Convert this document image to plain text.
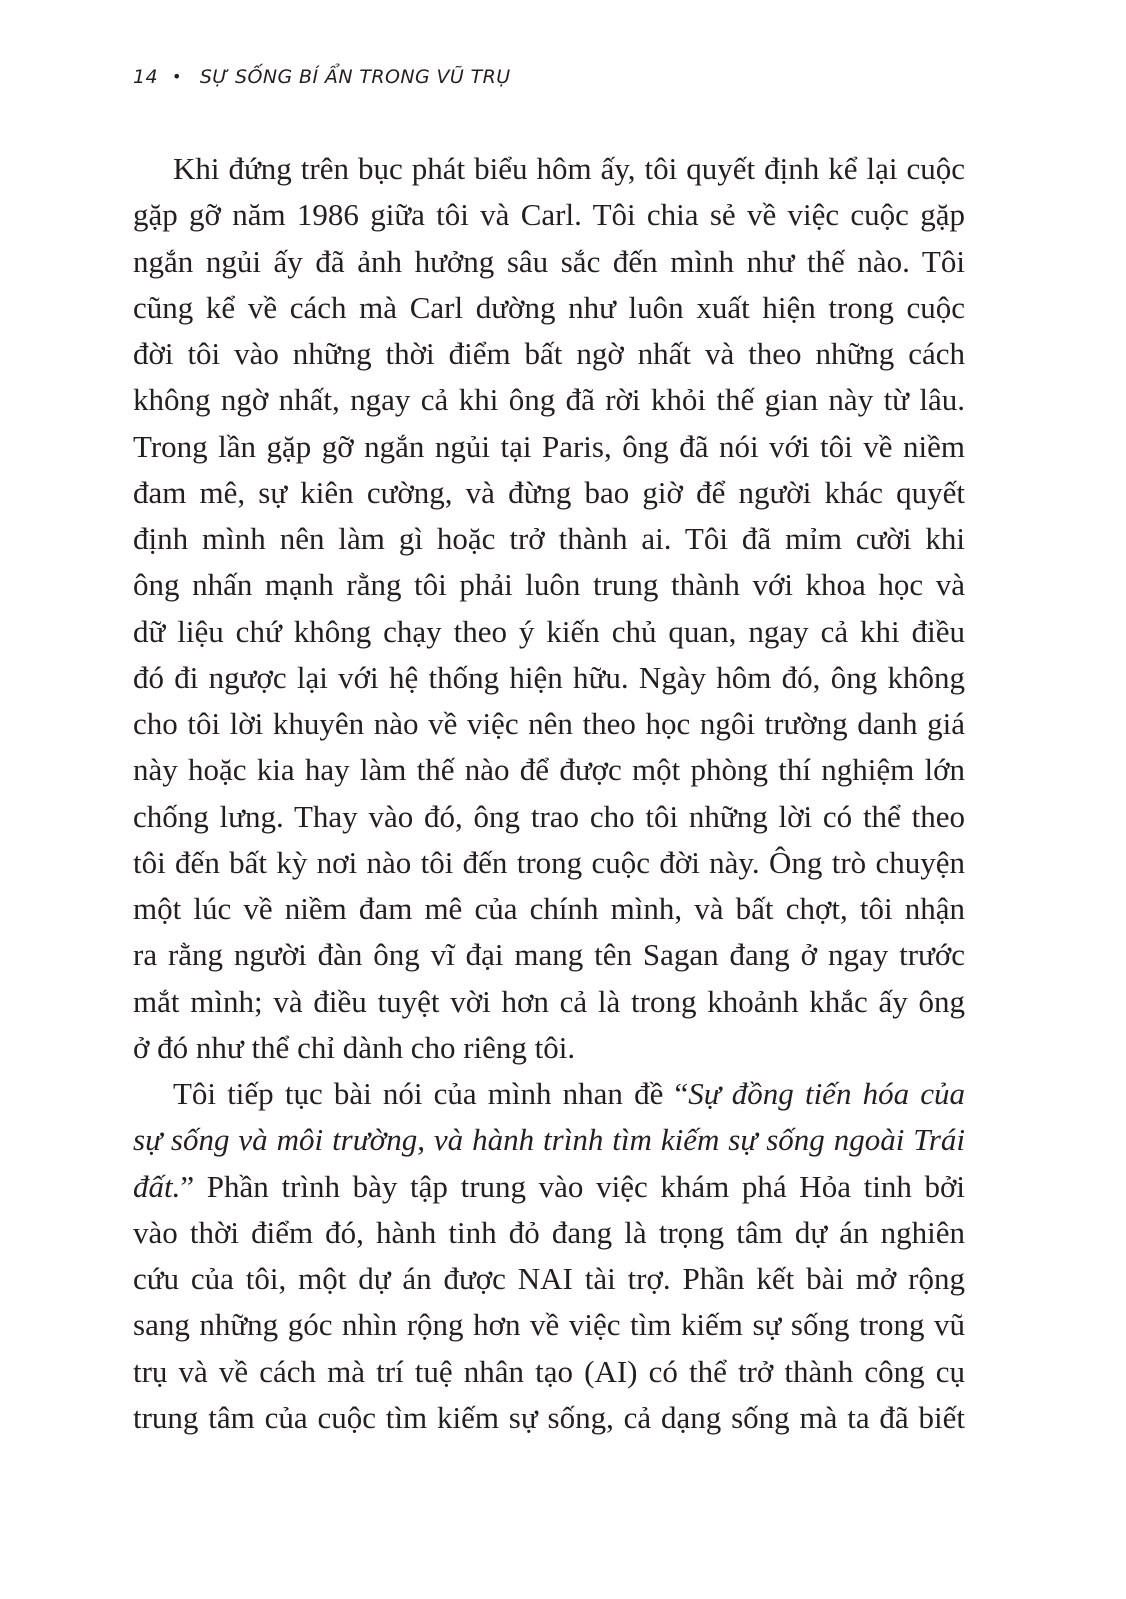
14 • SỰ SỐNG BÍ ẨN TRONG VŨ TRỤ
Khi đứng trên bục phát biểu hôm ấy, tôi quyết định kể lại cuộc
gặp gỡ năm 1986 giữa tôi và Carl. Tôi chia sẻ về việc cuộc gặp
ngắn ngủi ấy đã ảnh hưởng sâu sắc đến mình như thế nào. Tôi
cũng kể về cách mà Carl dường như luôn xuất hiện trong cuộc
đời tôi vào những thời điểm bất ngờ nhất và theo những cách
không ngờ nhất, ngay cả khi ông đã rời khỏi thế gian này từ lâu.
Trong lần gặp gỡ ngắn ngủi tại Paris, ông đã nói với tôi về niềm
đam mê, sự kiên cường, và đừng bao giờ để người khác quyết
định mình nên làm gì hoặc trở thành ai. Tôi đã mỉm cười khi
ông nhấn mạnh rằng tôi phải luôn trung thành với khoa học và
dữ liệu chứ không chạy theo ý kiến chủ quan, ngay cả khi điều
đó đi ngược lại với hệ thống hiện hữu. Ngày hôm đó, ông không
cho tôi lời khuyên nào về việc nên theo học ngôi trường danh giá
này hoặc kia hay làm thế nào để được một phòng thí nghiệm lớn
chống lưng. Thay vào đó, ông trao cho tôi những lời có thể theo
tôi đến bất kỳ nơi nào tôi đến trong cuộc đời này. Ông trò chuyện
một lúc về niềm đam mê của chính mình, và bất chợt, tôi nhận
ra rằng người đàn ông vĩ đại mang tên Sagan đang ở ngay trước
mắt mình; và điều tuyệt vời hơn cả là trong khoảnh khắc ấy ông
ở đó như thể chỉ dành cho riêng tôi.
Tôi tiếp tục bài nói của mình nhan đề “Sự đồng tiến hóa của
sự sống và môi trường, và hành trình tìm kiếm sự sống ngoài Trái
đất.” Phần trình bày tập trung vào việc khám phá Hỏa tinh bởi
vào thời điểm đó, hành tinh đỏ đang là trọng tâm dự án nghiên
cứu của tôi, một dự án được NAI tài trợ. Phần kết bài mở rộng
sang những góc nhìn rộng hơn về việc tìm kiếm sự sống trong vũ
trụ và về cách mà trí tuệ nhân tạo (AI) có thể trở thành công cụ
trung tâm của cuộc tìm kiếm sự sống, cả dạng sống mà ta đã biết
